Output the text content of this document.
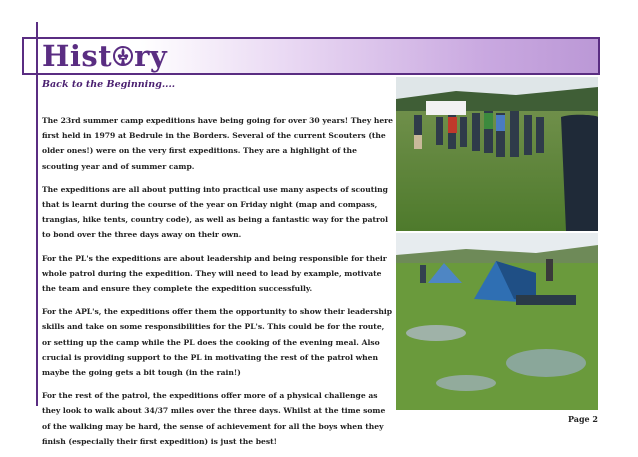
Hist ry

Back to the Beginning....

The 23rd summer camp expeditions have being going for over 30 years! They here first held in 1979 at Bedrule in the Borders. Several of the current Scouters (the older ones!) were on the very first expeditions. They are a highlight of the scouting year and of summer camp.

The expeditions are all about putting into practical use many aspects of scouting that is learnt during the course of the year on Friday night (map and compass, trangias, hike tents, country code), as well as being a fantastic way for the patrol to bond over the three days away on their own.

For the PL's the expeditions are about leadership and being responsible for their whole patrol during the expedition. They will need to lead by example, motivate the team and ensure they complete the expedition successfully.

For the APL's, the expeditions offer them the opportunity to show their leadership skills and take on some responsibilities for the PL's. This could be for the route, or setting up the camp while the PL does the cooking of the evening meal. Also crucial is providing support to the PL in motivating the rest of the patrol when maybe the going gets a bit tough (in the rain!)

For the rest of the patrol, the expeditions offer more of a physical challenge as they look to walk about 34/37 miles over the three days. Whilst at the time some of the walking may be hard, the sense of achievement for all the boys when they finish (especially their first expedition) is just the best!

Page 2
